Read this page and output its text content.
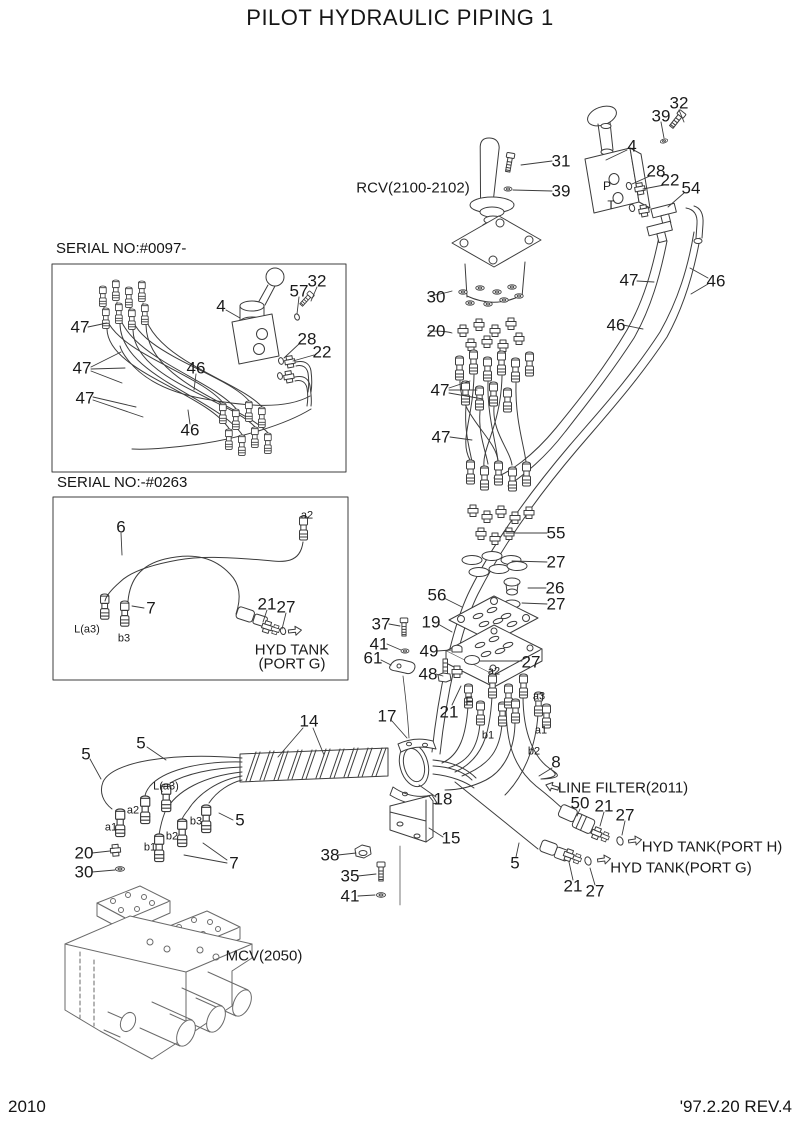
PILOT HYDRAULIC PIPING 1
SERIAL NO:#0097-
SERIAL NO:-#0263
32
39
4
28
22 54
P
T
RCV(2100-2102)
31
39
30
20
47	46
46
47
47
55
27
26
27
56
19
37
41
61 49
48
27
21
17
14
a2
F
b1
a3
a1
b2
8
LINE FILTER(2011)
50 21 27
HYD TANK(PORT H)
HYD TANK(PORT G)
21 27
5
5
5
L(a3)
a2
a1	b3 5
b2
b1
20
30	7
MCV(2050)
18
15
38
35
41
47
47
47
4
57
32
28
22
46
46
6
a2
7
L(a3)
b3
21 27
HYD TANK
(PORT G)
2010	'97.2.20 REV.4
